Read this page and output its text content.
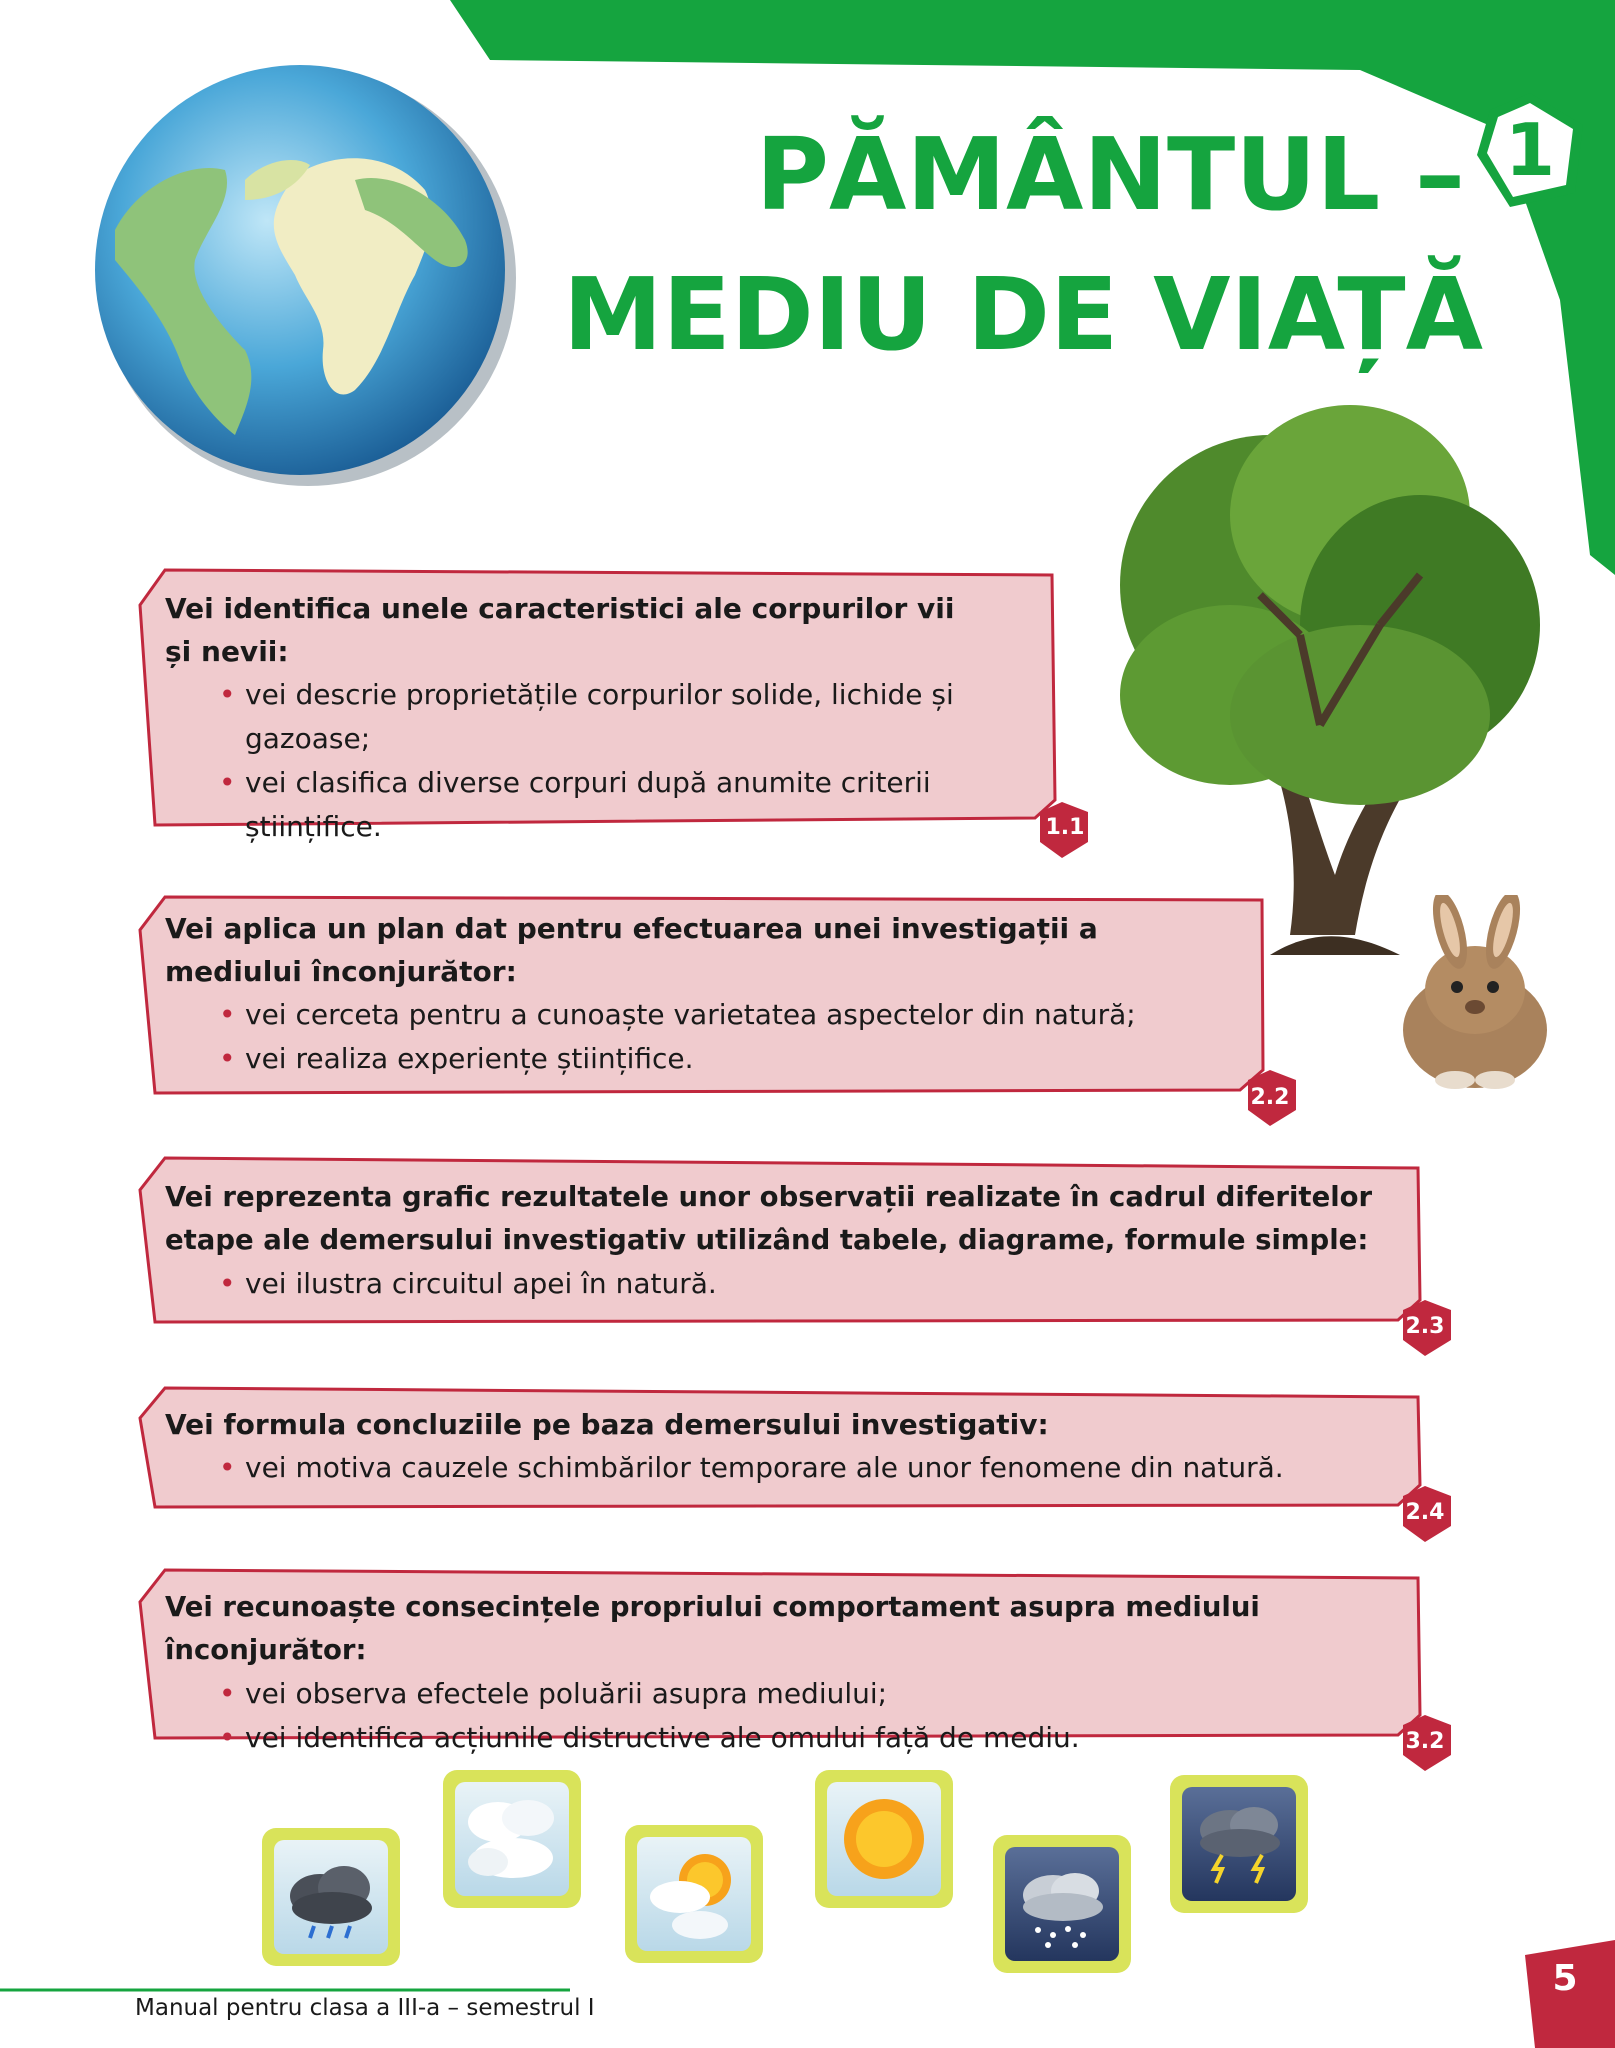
PĂMÂNTUL –
MEDIU DE VIAȚĂ
1
Vei identifica unele caracteristici ale corpurilor vii și nevii:
• vei descrie proprietățile corpurilor solide, lichide și gazoase;
• vei clasifica diverse corpuri după anumite criterii științifice.	1.1
Vei aplica un plan dat pentru efectuarea unei investigații a mediului înconjurător:
• vei cerceta pentru a cunoaște varietatea aspectelor din natură;
• vei realiza experiențe științifice.
2.2
Vei reprezenta grafic rezultatele unor observații realizate în cadrul diferitelor etape ale demersului investigativ utilizând tabele, diagrame, formule simple:
• vei ilustra circuitul apei în natură.
2.3
Vei formula concluziile pe baza demersului investigativ:
• vei motiva cauzele schimbărilor temporare ale unor fenomene din natură.
2.4
Vei recunoaște consecințele propriului comportament asupra mediului înconjurător:
• vei observa efectele poluării asupra mediului;
• vei identifica acțiunile distructive ale omului față de mediu.	3.2
Manual pentru clasa a III-a – semestrul I
5
